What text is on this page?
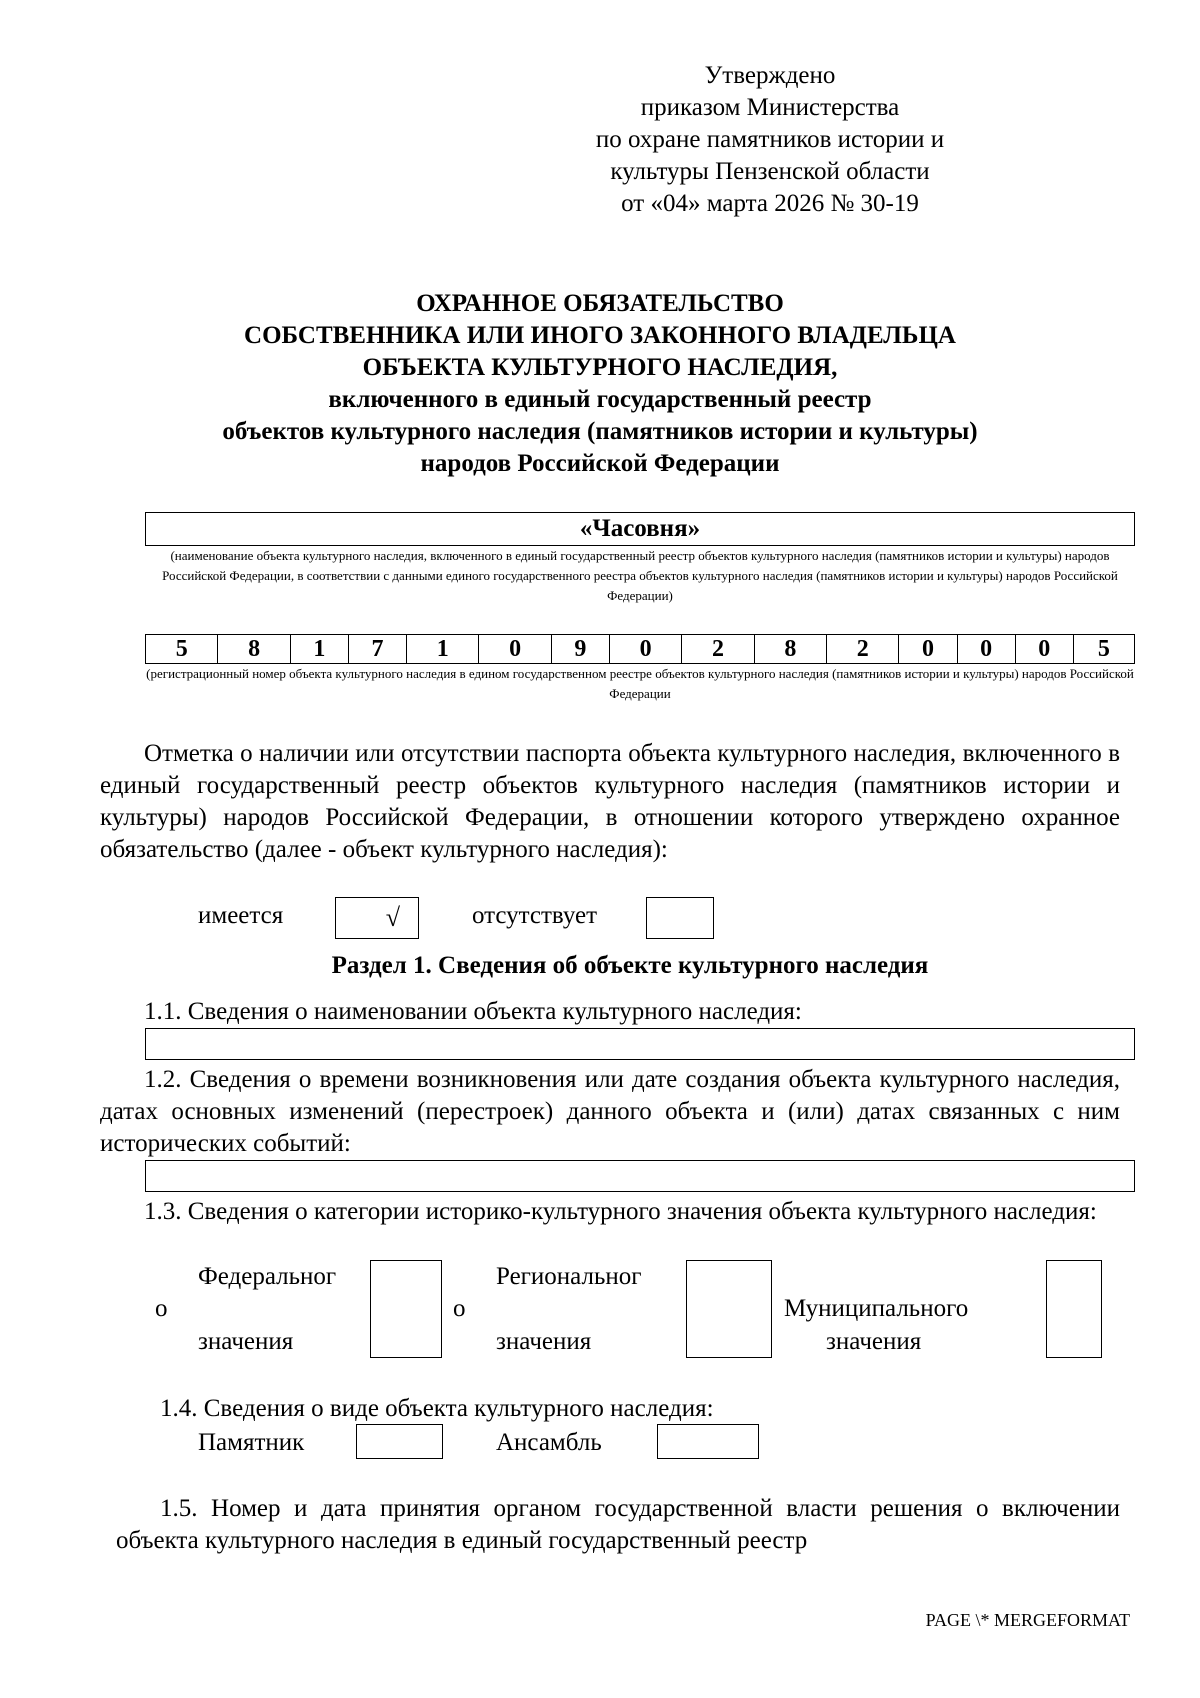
Утверждено
приказом Министерства
по охране памятников истории и
культуры Пензенской области
от «04» марта 2026 № 30-19
ОХРАННОЕ ОБЯЗАТЕЛЬСТВО
СОБСТВЕННИКА ИЛИ ИНОГО ЗАКОННОГО ВЛАДЕЛЬЦА
ОБЪЕКТА КУЛЬТУРНОГО НАСЛЕДИЯ,
включенного в единый государственный реестр
объектов культурного наследия (памятников истории и культуры)
народов Российской Федерации
«Часовня»
(наименование объекта культурного наследия, включенного в единый государственный реестр объектов культурного наследия (памятников истории и культуры) народов Российской Федерации, в соответствии с данными единого государственного реестра объектов культурного наследия (памятников истории и культуры) народов Российской Федерации)
5	8	1	7	1	0	9	0	2	8	2	0	0	0	5
(регистрационный номер объекта культурного наследия в едином государственном реестре объектов культурного наследия (памятников истории и культуры) народов Российской Федерации
Отметка о наличии или отсутствии паспорта объекта культурного наследия, включенного в единый государственный реестр объектов культурного наследия (памятников истории и культуры) народов Российской Федерации, в отношении которого утверждено охранное обязательство (далее - объект культурного наследия):
имеется	√	отсутствует
Раздел 1. Сведения об объекте культурного наследия
1.1. Сведения о наименовании объекта культурного наследия:
1.2. Сведения о времени возникновения или дате создания объекта культурного наследия, датах основных изменений (перестроек) данного объекта и (или) датах связанных с ним исторических событий:
1.3. Сведения о категории историко-культурного значения объекта культурного наследия:
Федеральног
о
значения
Региональног
о
значения
Муниципального
значения
1.4. Сведения о виде объекта культурного наследия:
Памятник	Ансамбль
1.5. Номер и дата принятия органом государственной власти решения о включении объекта культурного наследия в единый государственный реестр
PAGE \* MERGEFORMAT
